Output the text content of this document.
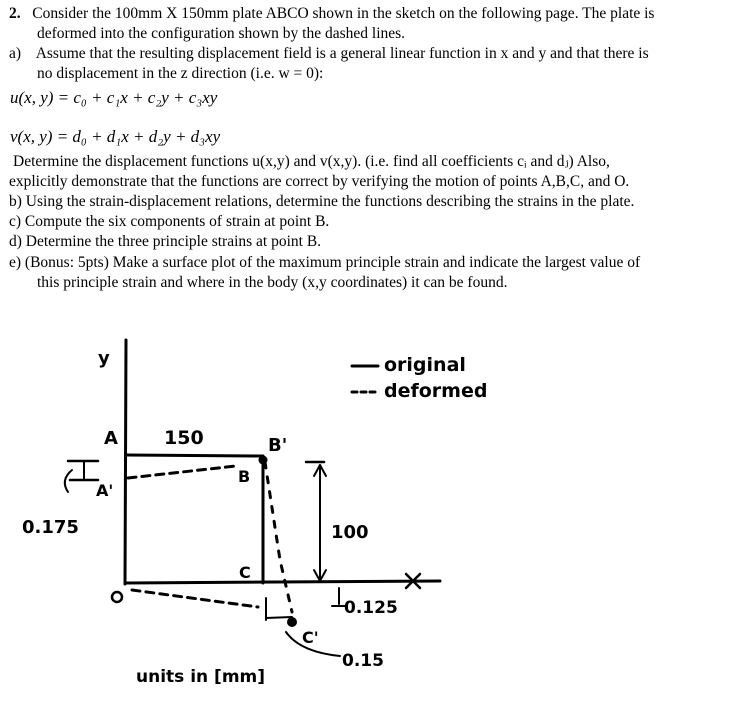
2. Consider the 100mm X 150mm plate ABCO shown in the sketch on the following page. The plate is
deformed into the configuration shown by the dashed lines.
a) Assume that the resulting displacement field is a general linear function in x and y and that there is
no displacement in the z direction (i.e. w = 0):
u(x, y) = c₀ + c₁x + c₂y + c₃xy
v(x, y) = d₀ + d₁x + d₂y + d₃xy
Determine the displacement functions u(x,y) and v(x,y). (i.e. find all coefficients cᵢ and dⱼ) Also,
explicitly demonstrate that the functions are correct by verifying the motion of points A,B,C, and O.
b) Using the strain-displacement relations, determine the functions describing the strains in the plate.
c) Compute the six components of strain at point B.
d) Determine the three principle strains at point B.
e) (Bonus: 5pts) Make a surface plot of the maximum principle strain and indicate the largest value of
this principle strain and where in the body (x,y coordinates) it can be found.
y
A
A'
150	B'
B
0.175	100
C
O	x
0.125
C'
0.15
units in [mm]
original
deformed
